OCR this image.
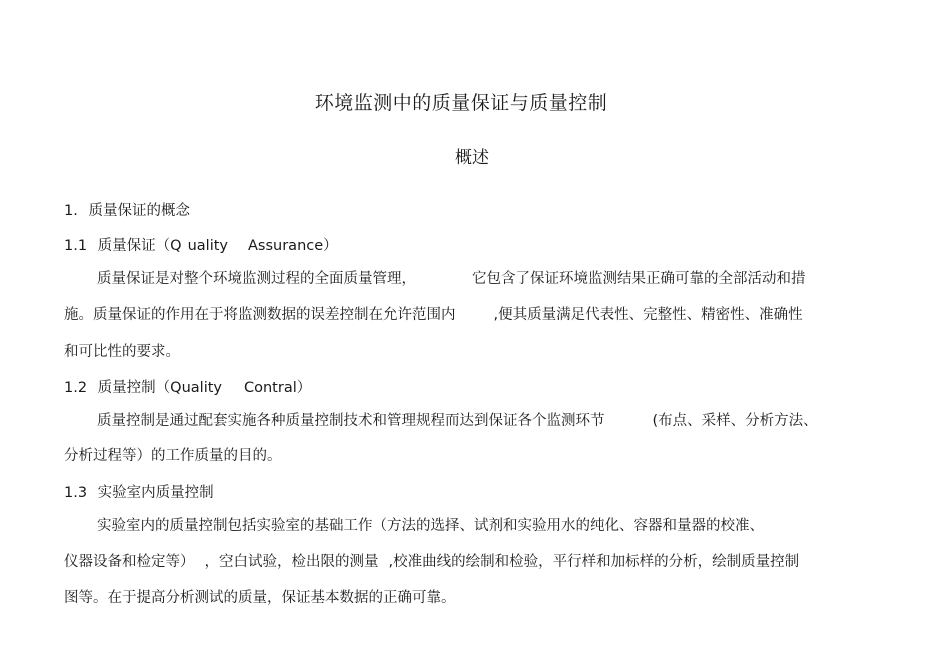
环境监测中的质量保证与质量控制
概述
1. 质量保证的概念
1.1 质量保证（Q uality Assurance）
质量保证是对整个环境监测过程的全面质量管理，	它包含了保证环境监测结果正确可靠的全部活动和措
施。质量保证的作用在于将监测数据的误差控制在允许范围内	,便其质量满足代表性、完整性、精密性、准确性
和可比性的要求。
1.2 质量控制（Quality Contral）
质量控制是通过配套实施各种质量控制技术和管理规程而达到保证各个监测环节	(布点、采样、分析方法、
分析过程等）的工作质量的目的。
1.3 实验室内质量控制
实验室内的质量控制包括实验室的基础工作（方法的选择、试剂和实验用水的纯化、容器和量器的校准、
仪器设备和检定等） ，空白试验，检出限的测量 ,校准曲线的绘制和检验，平行样和加标样的分析，绘制质量控制
图等。在于提高分析测试的质量，保证基本数据的正确可靠。
